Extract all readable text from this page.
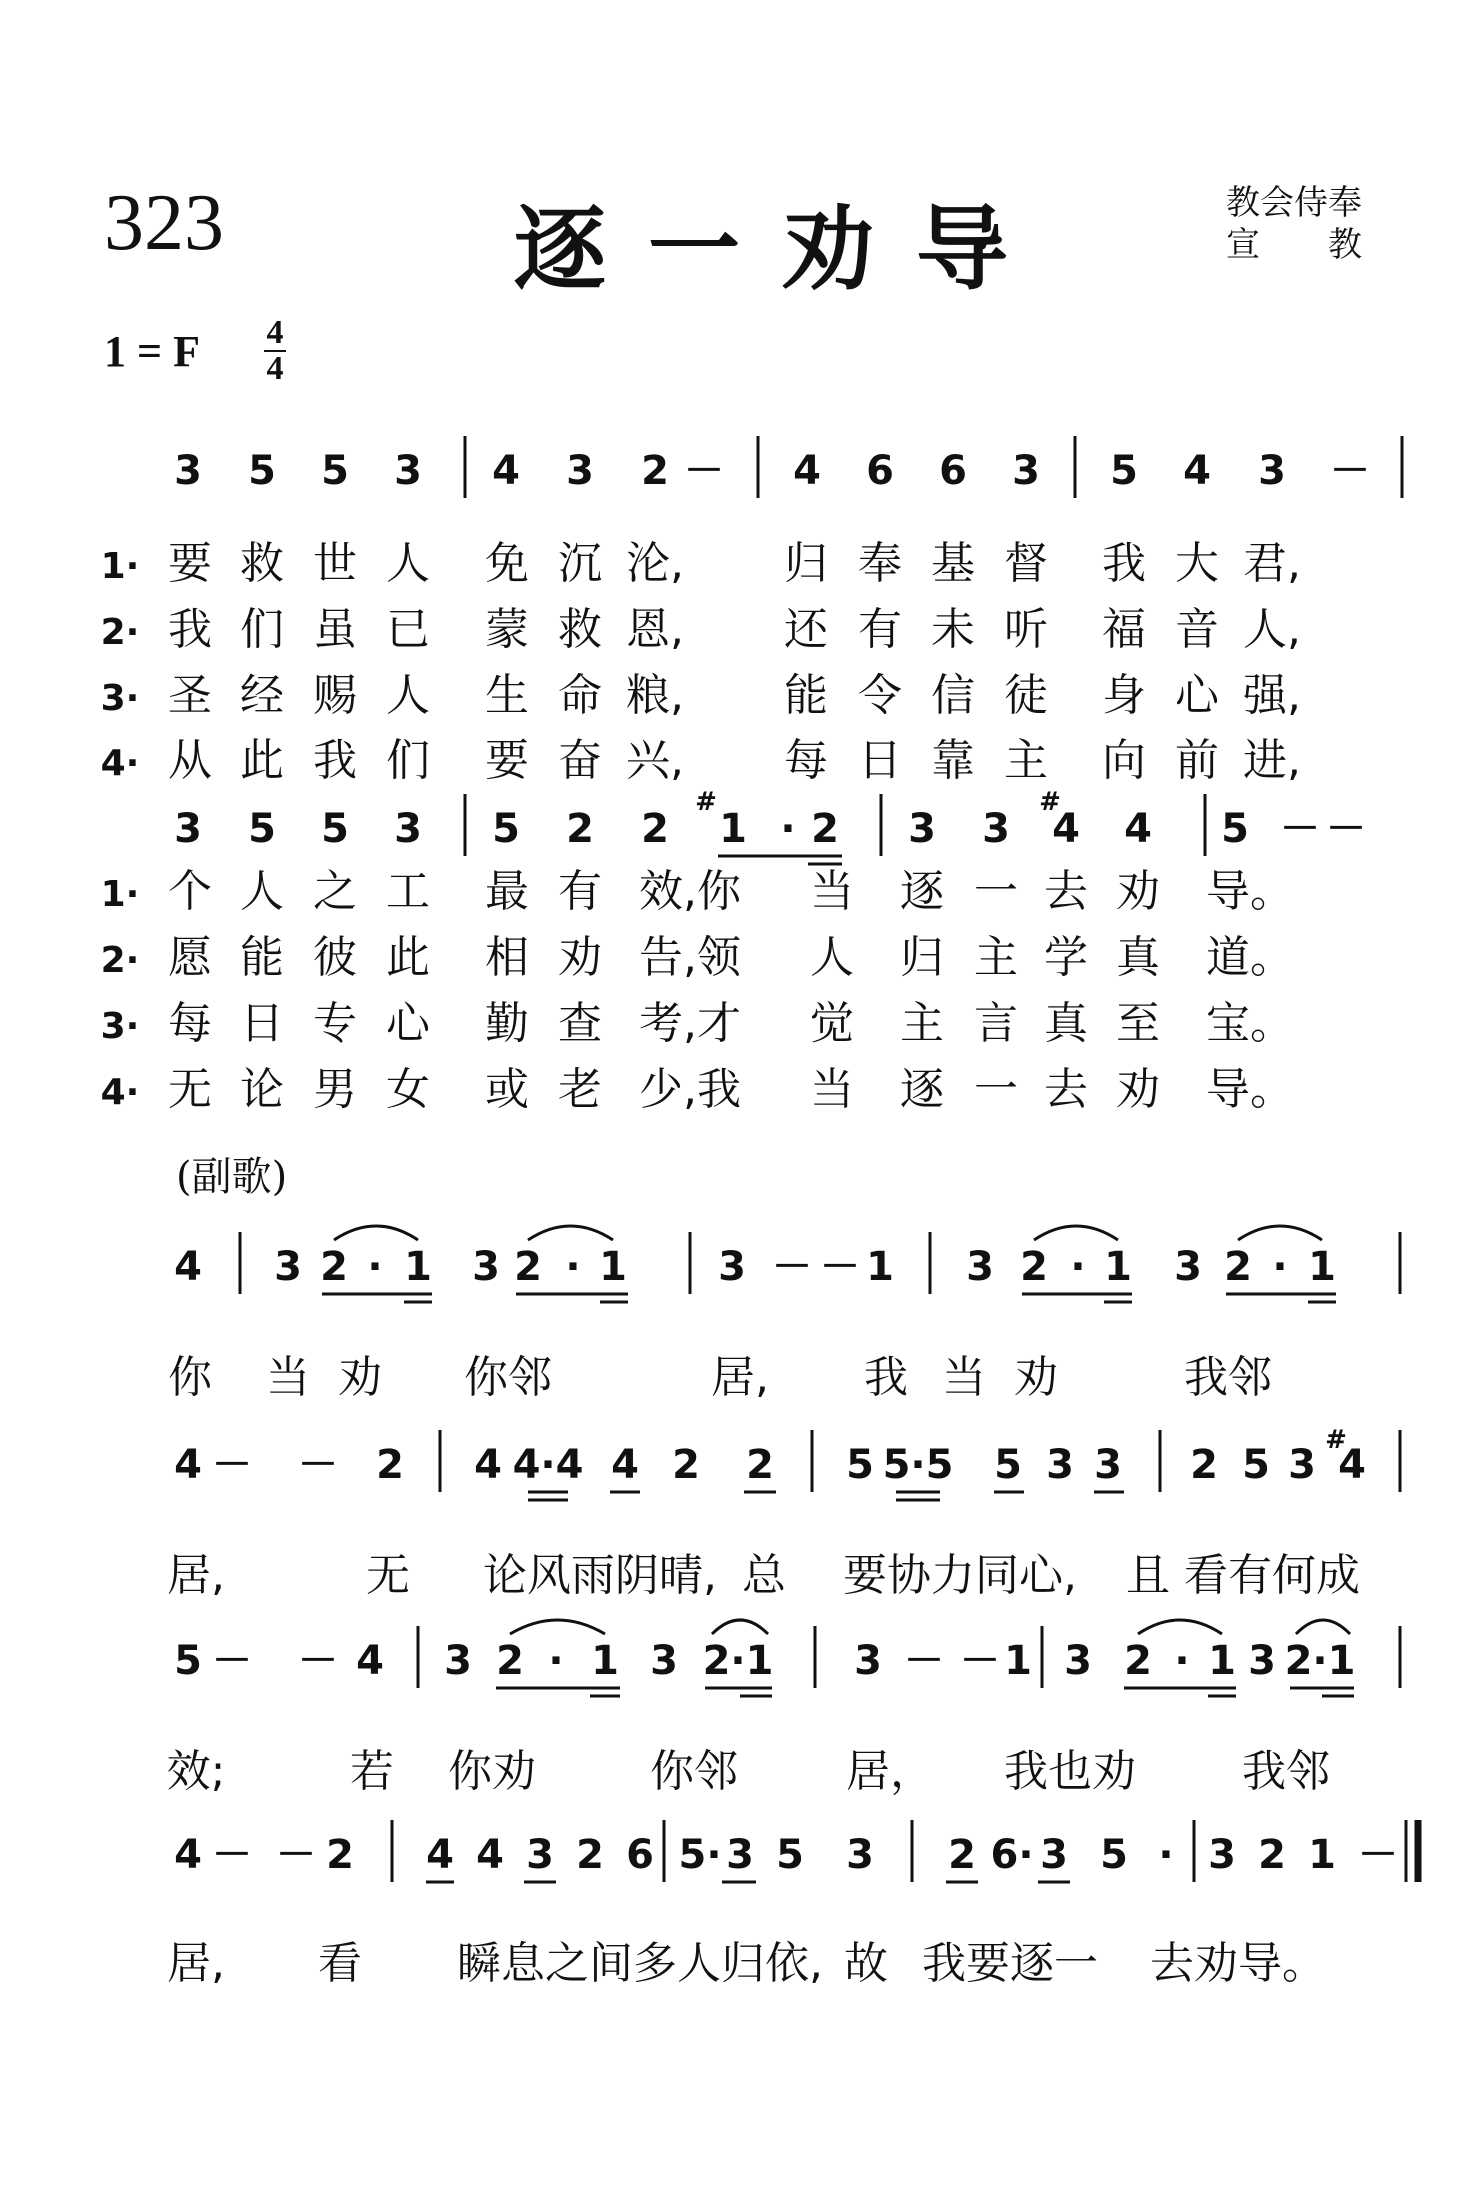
323	逐一劝导	教会侍奉
宣　　教
1 = F 4
4
3 5 5 3 4 3 2 － 4 6 6 3 5 4 3 －
1· 要 救 世 人 免 沉 沦, 归 奉 基 督 我 大 君,
2· 我 们 虽 已 蒙 救 恩, 还 有 未 听 福 音 人,
3· 圣 经 赐 人 生 命 粮, 能 令 信 徒 身 心 强,
4· 从 此 我 们 要 奋 兴, 每 日 靠 主 向 前 进,
3 5 5 3 5 2 2 1 · 2 3 3 4 4 5 － －
#	#
1· 个 人 之 工 最 有 效,你 当 逐 一 去 劝 导。
2· 愿 能 彼 此 相 劝 告,领 人 归 主 学 真 道。
3· 每 日 专 心 勤 查 考,才 觉 主 言 真 至 宝。
4· 无 论 男 女 或 老 少,我 当 逐 一 去 劝 导。
(副歌)
4 3 2 · 1 3 2 · 1 3 － － 1 3 2 · 1 3 2 · 1
你 当 劝 你邻	居, 我 当 劝	我邻
4 － － 2 4 4·4 4 2 2 5 5·5 5 3 3 2 5 3 4
#
居,	无 论风雨阴晴, 总 要协力同心, 且 看有何成
5 － － 4 3 2 · 1 3 2·1 3 － － 1 3 2 · 1 3 2·1
效;	若 你劝	你邻 居， 我也劝 我邻
4 － － 2 4 4 3 2 6 5· 3 5 3 2 6· 3 5 · 3 2 1 －
居, 看 瞬息之间多人归依, 故 我要逐一 去劝导。
